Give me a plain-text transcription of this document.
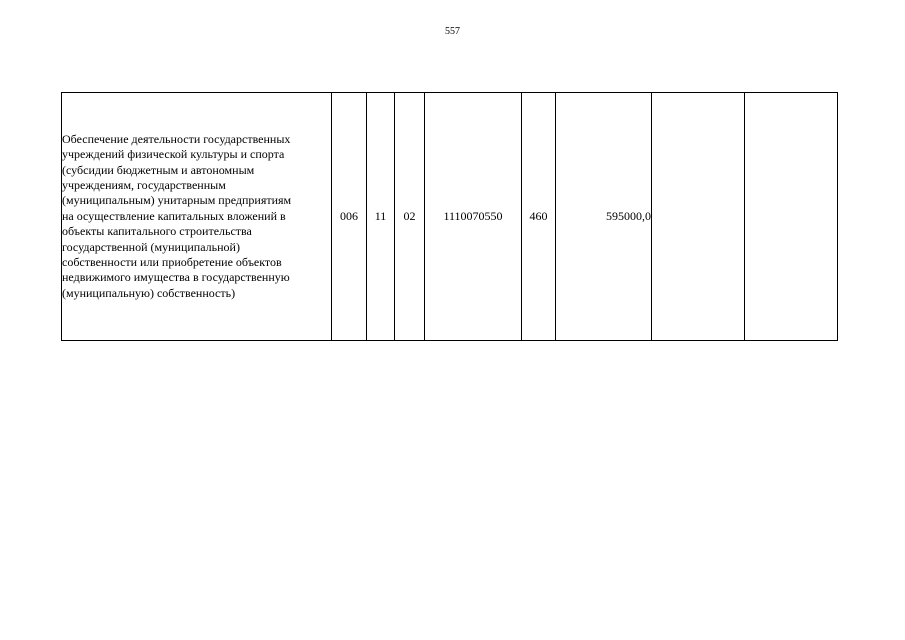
557
Обеспечение деятельности государственных
учреждений физической культуры и спорта
(субсидии бюджетным и автономным
учреждениям, государственным
(муниципальным) унитарным предприятиям
на осуществление капитальных вложений в
объекты капитального строительства
государственной (муниципальной)
собственности или приобретение объектов
недвижимого имущества в государственную
(муниципальную) собственность)	006	11	02	1110070550	460	595000,0		
